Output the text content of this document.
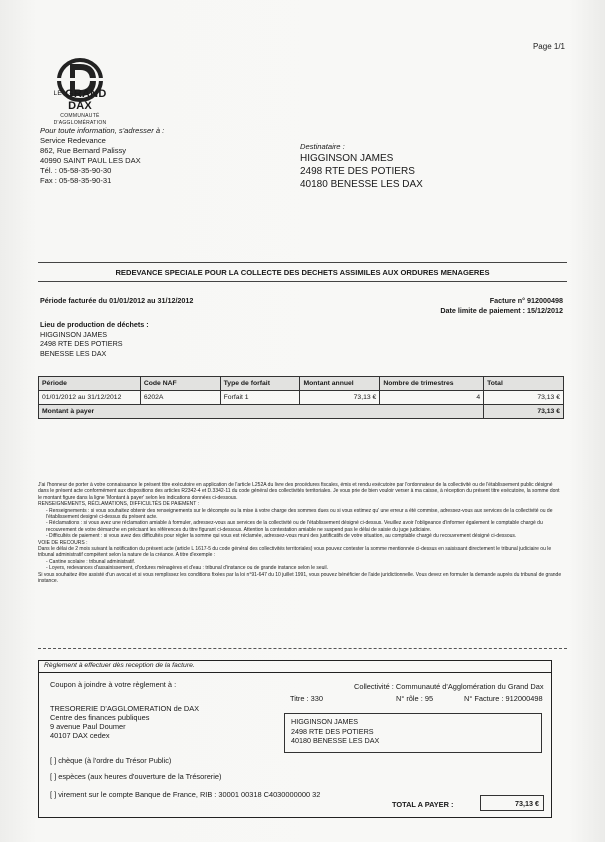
Page 1/1
LE GRAND DAX
COMMUNAUTÉ
D'AGGLOMÉRATION
Pour toute information, s'adresser à :
Service Redevance
862, Rue Bernard Palissy
40990 SAINT PAUL LES DAX
Tél. : 05-58-35-90-30
Fax : 05-58-35-90-31
Destinataire :
HIGGINSON JAMES
2498 RTE DES POTIERS
40180 BENESSE LES DAX
REDEVANCE SPECIALE POUR LA COLLECTE DES DECHETS ASSIMILES AUX ORDURES MENAGERES
Période facturée du 01/01/2012 au 31/12/2012	Facture n° 912000498
Date limite de paiement : 15/12/2012
Lieu de production de déchets :
HIGGINSON JAMES
2498 RTE DES POTIERS
BENESSE LES DAX
Période	Code NAF	Type de forfait	Montant annuel	Nombre de trimestres	Total
01/01/2012 au 31/12/2012	6202A	Forfait 1	73,13 €	4	73,13 €
Montant à payer					73,13 €

J'ai l'honneur de porter à votre connaissance le présent titre exécutoire en application de l'article L252A du livre des procédures fiscales, émis et rendu exécutoire par l'ordonnateur de la collectivité ou de l'établissement public désigné dans le présent acte conformément aux dispositions des articles R2342-4 et D.3342-11 du code général des collectivités territoriales. Je vous prie de bien vouloir verser à ma caisse, à réception du présent titre exécutoire, la somme dont le montant figure dans la ligne 'Montant à payer' selon les indications données ci-dessous.

RENSEIGNEMENTS, RÉCLAMATIONS, DIFFICULTÉS DE PAIEMENT :

- Renseignements : si vous souhaitez obtenir des renseignements sur le décompte ou la mise à votre charge des sommes dues ou si vous estimez qu' une erreur a été commise, adressez-vous aux services de la collectivité ou de l'établissement designé ci-dessus du présent acte.

- Réclamations : si vous avez une réclamation amiable à formuler, adressez-vous aux services de la collectivité ou de l'établissement désigné ci-dessus. Veuillez avoir l'obligeance d'informer également le comptable chargé du recouvrement de votre démarche en précisant les références du titre figurant ci-dessous. Attention la contestation amiable ne suspend pas le délai de saisie du juge judiciaire.

- Difficultés de paiement : si vous avez des difficultés pour régler la somme qui vous est réclamée, adressez-vous muni des justificatifs de votre situation, au comptable chargé du recouvrement désigné ci-dessous.

VOIE DE RECOURS :

Dans le délai de 2 mois suivant la notification du présent acte (article L 1617-5 du code général des collectivités territoriales) vous pouvez contester la somme mentionnée ci-dessus en saisissant directement le tribunal judiciaire ou le tribunal administratif compétent selon la nature de la créance. A titre d'exemple :

- Cantine scolaire : tribunal administratif.

- Loyers, redevances d'assainissement, d'ordures ménagères et d'eau : tribunal d'instance ou de grande instance selon le seuil.

Si vous souhaitez être assisté d'un avocat et si vous remplissez les conditions fixées par la loi n°91-647 du 10 juillet 1991, vous pouvez bénéficier de l'aide juridictionnelle. Vous devez en formuler la demande auprès du tribunal de grande instance.

Règlement à effectuer dès reception de la facture.
Coupon à joindre à votre règlement à :	Collectivité : Communauté d'Agglomération du Grand Dax
Titre : 330	N° rôle : 95	N° Facture : 912000498
TRESORERIE D'AGGLOMERATION de DAX
Centre des finances publiques
9 avenue Paul Doumer
40107 DAX cedex
HIGGINSON JAMES
2498 RTE DES POTIERS
40180 BENESSE LES DAX
[ ] chèque (à l'ordre du Trésor Public)
[ ] espèces (aux heures d'ouverture de la Trésorerie)
[ ] virement sur le compte Banque de France, RIB : 30001 00318 C4030000000 32
TOTAL A PAYER :	73,13 €
